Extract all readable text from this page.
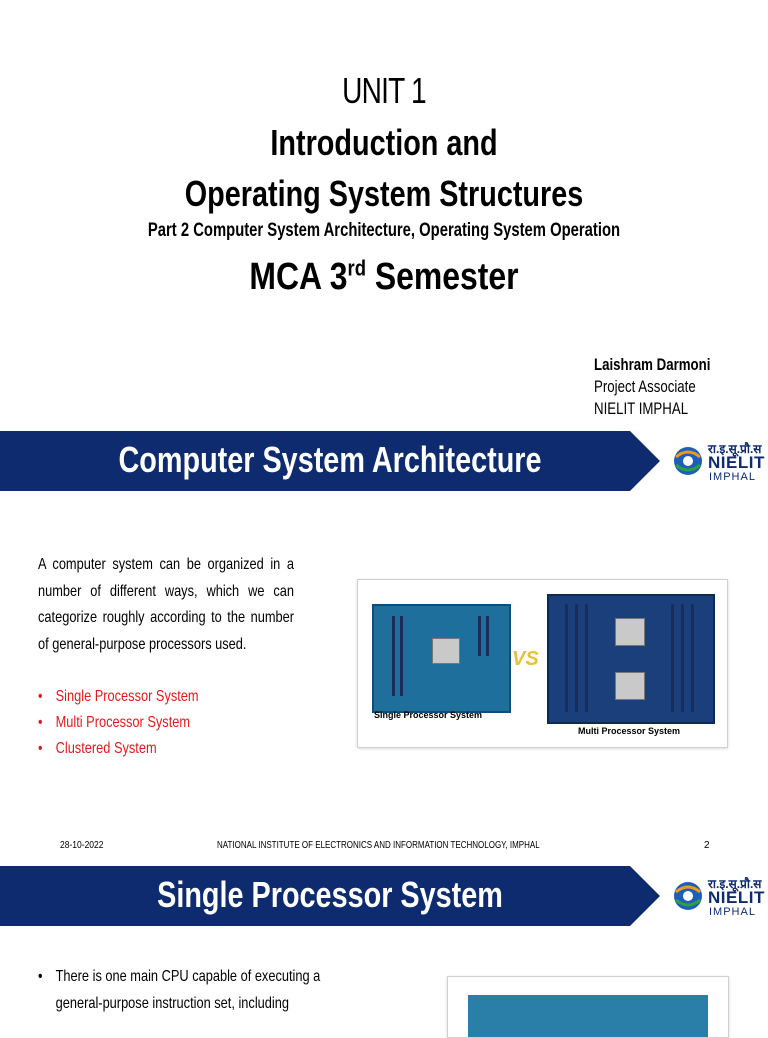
UNIT 1
Introduction and
Operating System Structures
Part 2 Computer System Architecture, Operating System Operation
MCA 3rd Semester
Laishram Darmoni
Project Associate
NIELIT IMPHAL
Computer System Architecture	रा.इ.सू.प्रौ.स
NIELIT
IMPHAL
A computer system can be organized in a number of different ways, which we can categorize roughly according to the number of general-purpose processors used.
• Single Processor System
• Multi Processor System
• Clustered System
VS
Single Processor System
Multi Processor System
28-10-2022	NATIONAL INSTITUTE OF ELECTRONICS AND INFORMATION TECHNOLOGY, IMPHAL	2
Single Processor System	रा.इ.सू.प्रौ.स
NIELIT
IMPHAL
• There is one main CPU capable of executing a
general-purpose instruction set, including
